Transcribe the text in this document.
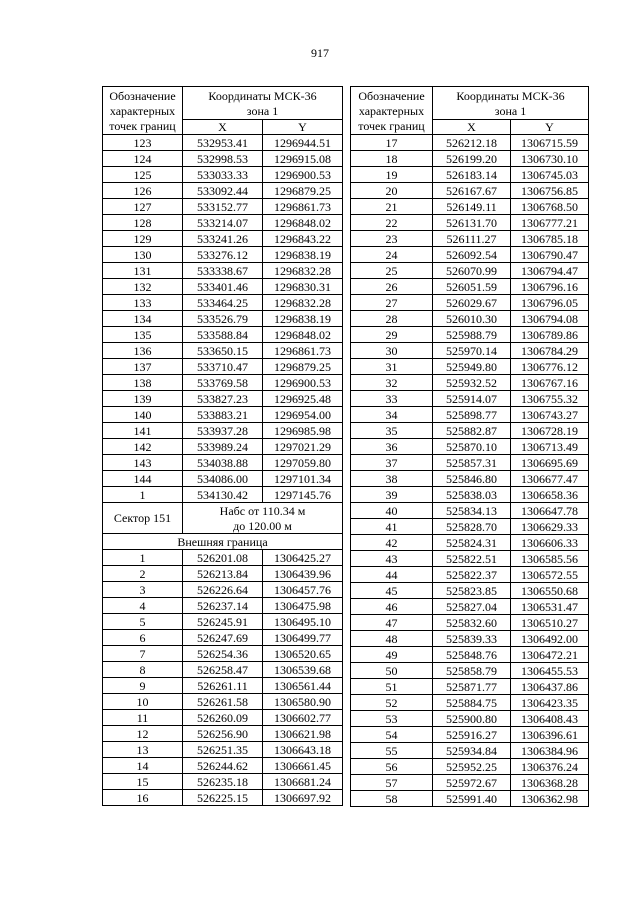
917
Обозначение характерных точек границ	Координаты МСК-36
зона 1	
	X	Y
123	532953.41	1296944.51
124	532998.53	1296915.08
125	533033.33	1296900.53
126	533092.44	1296879.25
127	533152.77	1296861.73
128	533214.07	1296848.02
129	533241.26	1296843.22
130	533276.12	1296838.19
131	533338.67	1296832.28
132	533401.46	1296830.31
133	533464.25	1296832.28
134	533526.79	1296838.19
135	533588.84	1296848.02
136	533650.15	1296861.73
137	533710.47	1296879.25
138	533769.58	1296900.53
139	533827.23	1296925.48
140	533883.21	1296954.00
141	533937.28	1296985.98
142	533989.24	1297021.29
143	534038.88	1297059.80
144	534086.00	1297101.34
1	534130.42	1297145.76
Сектор 151	Набс от 110.34 м	
	до 120.00 м	
Внешняя граница		
1	526201.08	1306425.27
2	526213.84	1306439.96
3	526226.64	1306457.76
4	526237.14	1306475.98
5	526245.91	1306495.10
6	526247.69	1306499.77
7	526254.36	1306520.65
8	526258.47	1306539.68
9	526261.11	1306561.44
10	526261.58	1306580.90
11	526260.09	1306602.77
12	526256.90	1306621.98
13	526251.35	1306643.18
14	526244.62	1306661.45
15	526235.18	1306681.24
16	526225.15	1306697.92
Обозначение характерных точек границ	Координаты МСК-36
зона 1	
	X	Y
17	526212.18	1306715.59
18	526199.20	1306730.10
19	526183.14	1306745.03
20	526167.67	1306756.85
21	526149.11	1306768.50
22	526131.70	1306777.21
23	526111.27	1306785.18
24	526092.54	1306790.47
25	526070.99	1306794.47
26	526051.59	1306796.16
27	526029.67	1306796.05
28	526010.30	1306794.08
29	525988.79	1306789.86
30	525970.14	1306784.29
31	525949.80	1306776.12
32	525932.52	1306767.16
33	525914.07	1306755.32
34	525898.77	1306743.27
35	525882.87	1306728.19
36	525870.10	1306713.49
37	525857.31	1306695.69
38	525846.80	1306677.47
39	525838.03	1306658.36
40	525834.13	1306647.78
41	525828.70	1306629.33
42	525824.31	1306606.33
43	525822.51	1306585.56
44	525822.37	1306572.55
45	525823.85	1306550.68
46	525827.04	1306531.47
47	525832.60	1306510.27
48	525839.33	1306492.00
49	525848.76	1306472.21
50	525858.79	1306455.53
51	525871.77	1306437.86
52	525884.75	1306423.35
53	525900.80	1306408.43
54	525916.27	1306396.61
55	525934.84	1306384.96
56	525952.25	1306376.24
57	525972.67	1306368.28
58	525991.40	1306362.98
